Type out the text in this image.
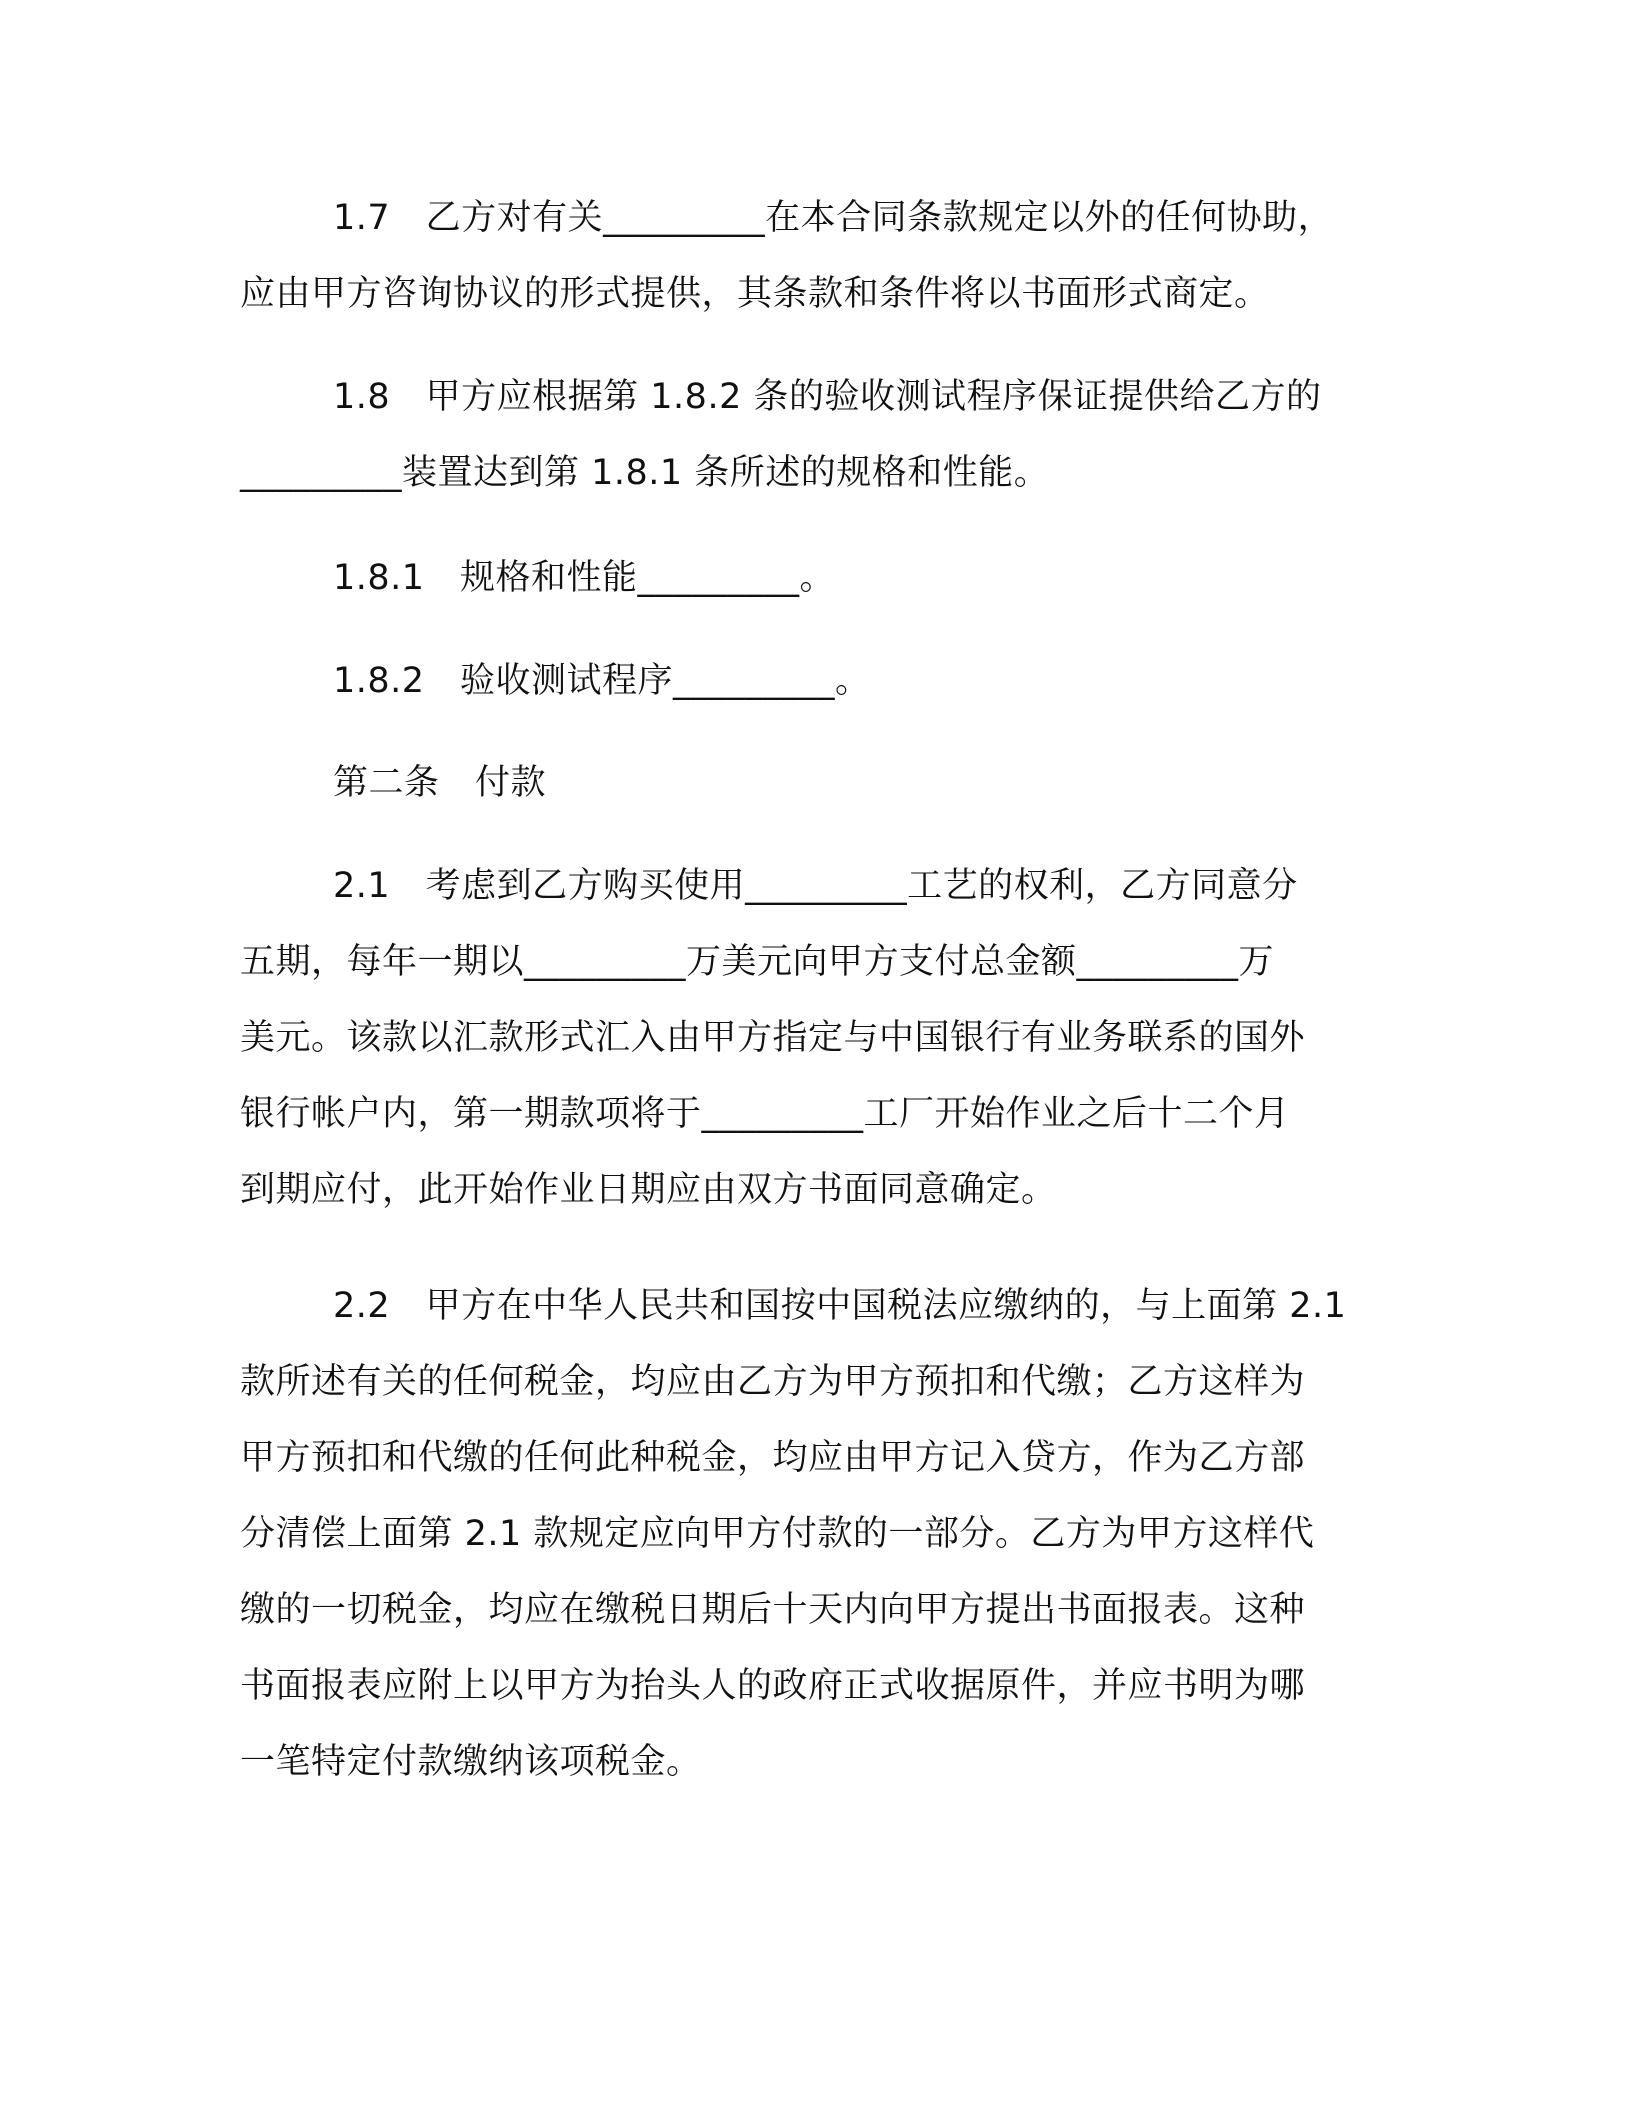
1.7　乙方对有关_________在本合同条款规定以外的任何协助，
应由甲方咨询协议的形式提供，其条款和条件将以书面形式商定。
1.8　甲方应根据第 1.8.2 条的验收测试程序保证提供给乙方的
_________装置达到第 1.8.1 条所述的规格和性能。
1.8.1　规格和性能_________。
1.8.2　验收测试程序_________。
第二条　付款
2.1　考虑到乙方购买使用_________工艺的权利，乙方同意分
五期，每年一期以_________万美元向甲方支付总金额_________万
美元。该款以汇款形式汇入由甲方指定与中国银行有业务联系的国外
银行帐户内，第一期款项将于_________工厂开始作业之后十二个月
到期应付，此开始作业日期应由双方书面同意确定。
2.2　甲方在中华人民共和国按中国税法应缴纳的，与上面第 2.1
款所述有关的任何税金，均应由乙方为甲方预扣和代缴；乙方这样为
甲方预扣和代缴的任何此种税金，均应由甲方记入贷方，作为乙方部
分清偿上面第 2.1 款规定应向甲方付款的一部分。乙方为甲方这样代
缴的一切税金，均应在缴税日期后十天内向甲方提出书面报表。这种
书面报表应附上以甲方为抬头人的政府正式收据原件，并应书明为哪
一笔特定付款缴纳该项税金。
